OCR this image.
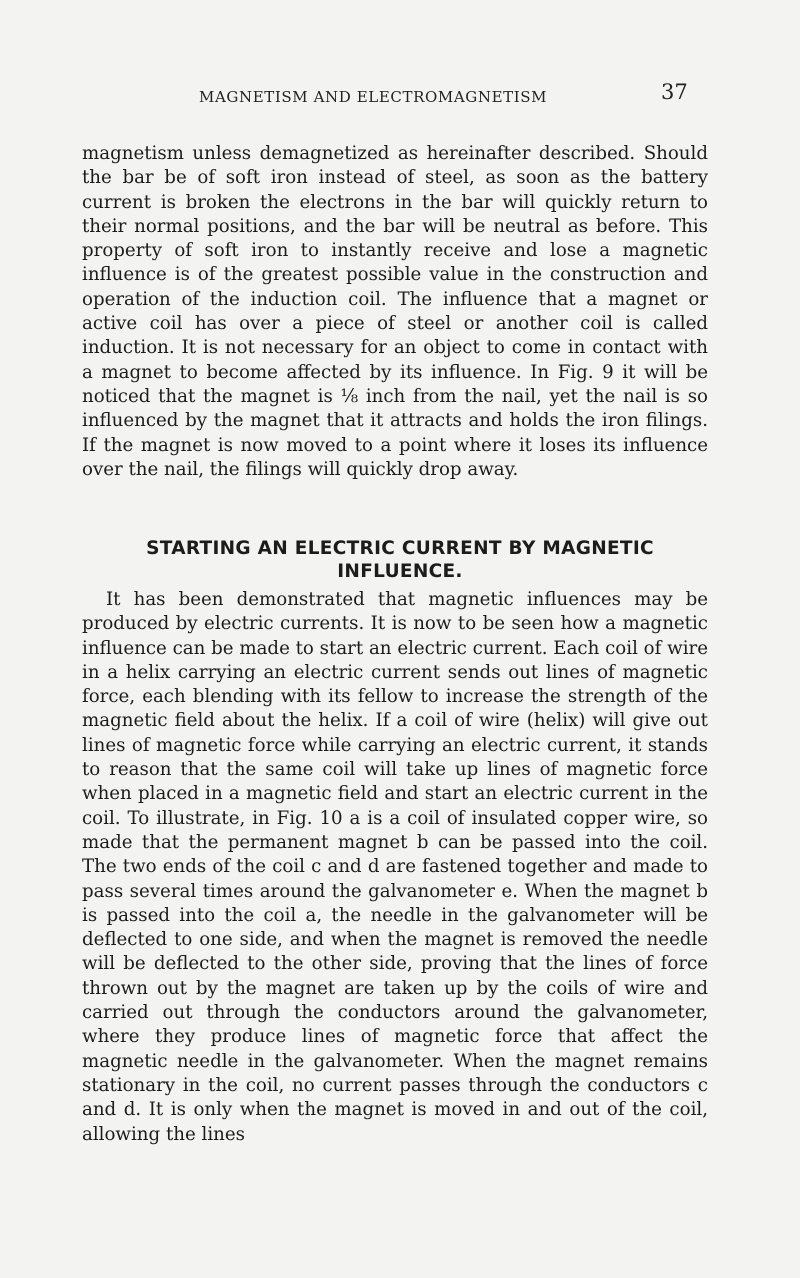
MAGNETISM AND ELECTROMAGNETISM	37

magnetism unless demagnetized as hereinafter described. Should the bar be of soft iron instead of steel, as soon as the battery current is broken the electrons in the bar will quickly return to their normal positions, and the bar will be neutral as before. This property of soft iron to instantly receive and lose a magnetic influence is of the greatest possible value in the construction and operation of the induction coil. The influence that a magnet or active coil has over a piece of steel or another coil is called induction. It is not necessary for an object to come in contact with a magnet to become affected by its influence. In Fig. 9 it will be noticed that the magnet is ⅛ inch from the nail, yet the nail is so influenced by the magnet that it attracts and holds the iron filings. If the magnet is now moved to a point where it loses its influence over the nail, the filings will quickly drop away.

STARTING AN ELECTRIC CURRENT BY MAGNETIC
INFLUENCE.

It has been demonstrated that magnetic influences may be produced by electric currents. It is now to be seen how a magnetic influence can be made to start an electric current. Each coil of wire in a helix carrying an electric current sends out lines of magnetic force, each blending with its fellow to increase the strength of the magnetic field about the helix. If a coil of wire (helix) will give out lines of magnetic force while carrying an electric current, it stands to reason that the same coil will take up lines of magnetic force when placed in a magnetic field and start an electric current in the coil. To illustrate, in Fig. 10 a is a coil of insulated copper wire, so made that the permanent magnet b can be passed into the coil. The two ends of the coil c and d are fastened together and made to pass several times around the galvanometer e. When the magnet b is passed into the coil a, the needle in the galvanometer will be deflected to one side, and when the magnet is removed the needle will be deflected to the other side, proving that the lines of force thrown out by the magnet are taken up by the coils of wire and carried out through the conductors around the galvanometer, where they produce lines of magnetic force that affect the magnetic needle in the galvanometer. When the magnet remains stationary in the coil, no current passes through the conductors c and d. It is only when the magnet is moved in and out of the coil, allowing the lines
